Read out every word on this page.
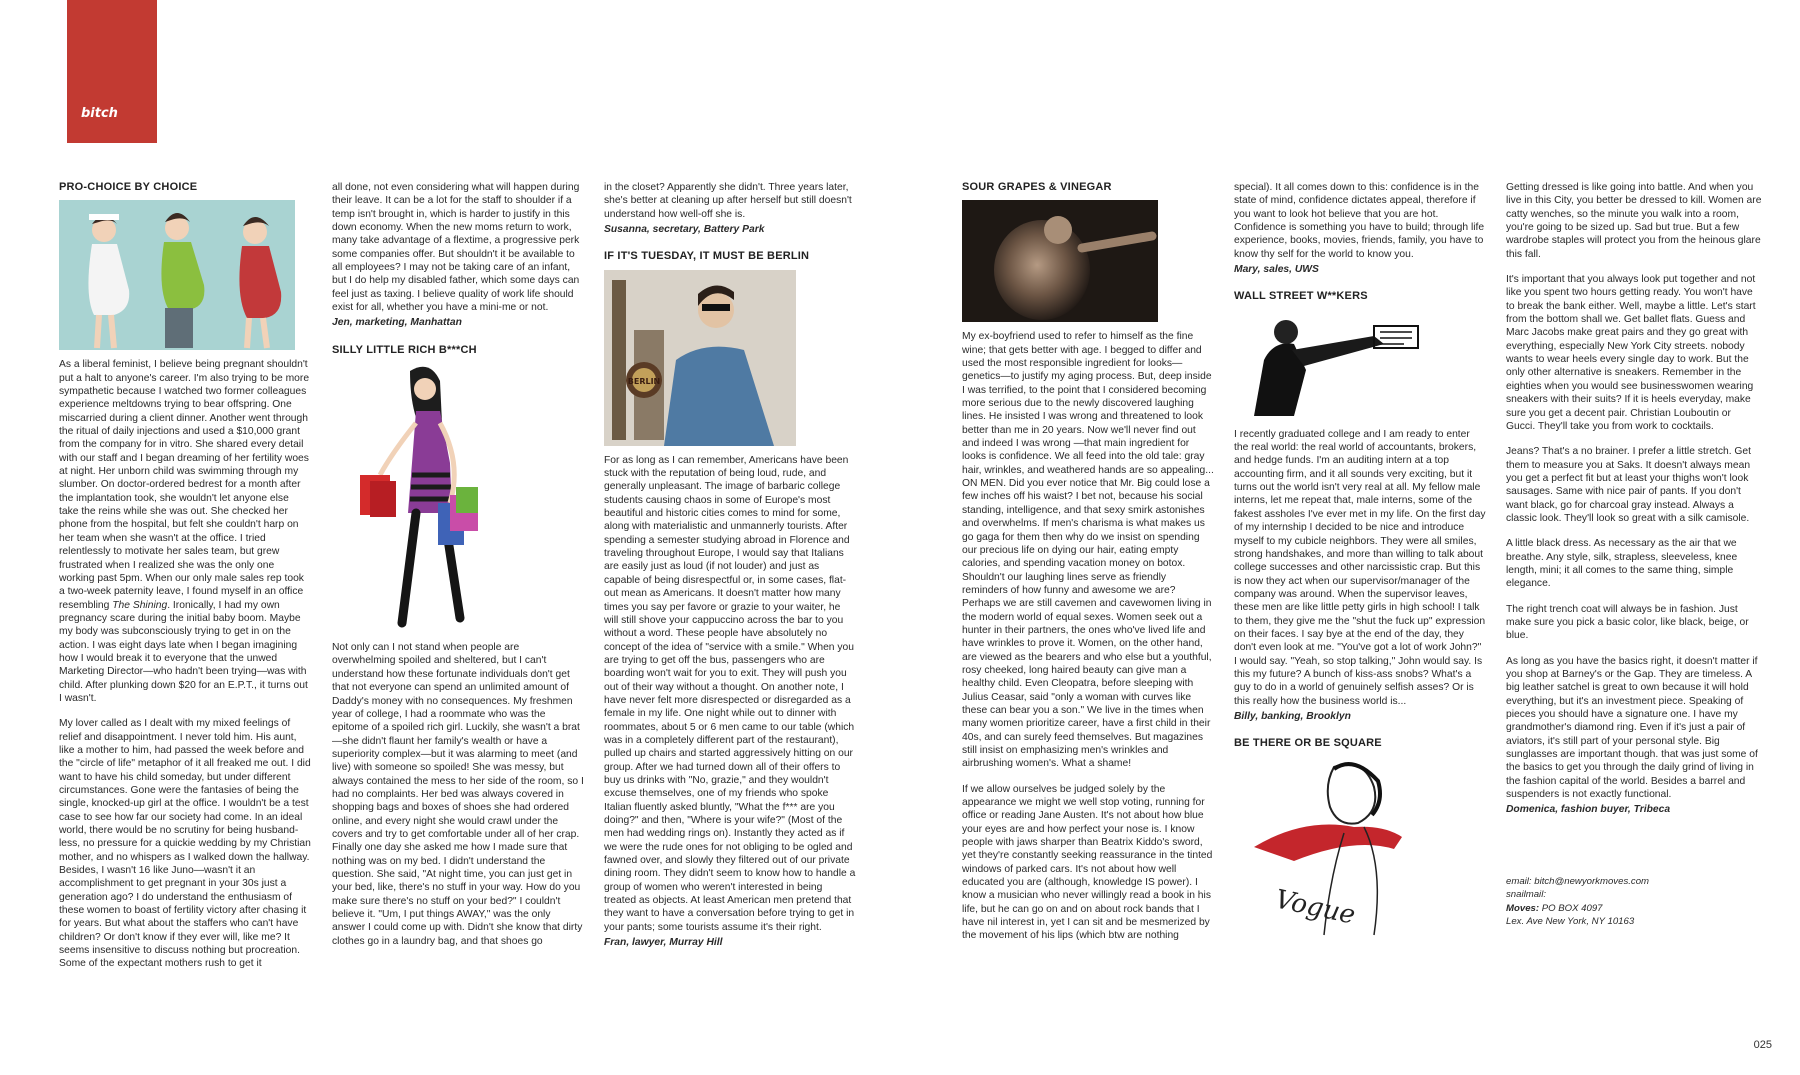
bitch
PRO-CHOICE BY CHOICE

As a liberal feminist, I believe being pregnant shouldn't put a halt to anyone's career. I'm also trying to be more sympathetic because I watched two former colleagues experience meltdowns trying to bear offspring. One miscarried during a client dinner. Another went through the ritual of daily injections and used a $10,000 grant from the company for in vitro. She shared every detail with our staff and I began dreaming of her fertility woes at night. Her unborn child was swimming through my slumber. On doctor-ordered bedrest for a month after the implantation took, she wouldn't let anyone else take the reins while she was out. She checked her phone from the hospital, but felt she couldn't harp on her team when she wasn't at the office. I tried relentlessly to motivate her sales team, but grew frustrated when I realized she was the only one working past 5pm. When our only male sales rep took a two-week paternity leave, I found myself in an office resembling The Shining. Ironically, I had my own pregnancy scare during the initial baby boom. Maybe my body was subconsciously trying to get in on the action. I was eight days late when I began imagining how I would break it to everyone that the unwed Marketing Director—who hadn't been trying—was with child. After plunking down $20 for an E.P.T., it turns out I wasn't.

My lover called as I dealt with my mixed feelings of relief and disappointment. I never told him. His aunt, like a mother to him, had passed the week before and the "circle of life" metaphor of it all freaked me out. I did want to have his child someday, but under different circumstances. Gone were the fantasies of being the single, knocked-up girl at the office. I wouldn't be a test case to see how far our society had come. In an ideal world, there would be no scrutiny for being husband-less, no pressure for a quickie wedding by my Christian mother, and no whispers as I walked down the hallway. Besides, I wasn't 16 like Juno—wasn't it an accomplishment to get pregnant in your 30s just a generation ago? I do understand the enthusiasm of these women to boast of fertility victory after chasing it for years. But what about the staffers who can't have children? Or don't know if they ever will, like me? It seems insensitive to discuss nothing but procreation. Some of the expectant mothers rush to get it

all done, not even considering what will happen during their leave. It can be a lot for the staff to shoulder if a temp isn't brought in, which is harder to justify in this down economy. When the new moms return to work, many take advantage of a flextime, a progressive perk some companies offer. But shouldn't it be available to all employees? I may not be taking care of an infant, but I do help my disabled father, which some days can feel just as taxing. I believe quality of work life should exist for all, whether you have a mini-me or not.

Jen, marketing, Manhattan
SILLY LITTLE RICH B***CH

Not only can I not stand when people are overwhelming spoiled and sheltered, but I can't understand how these fortunate individuals don't get that not everyone can spend an unlimited amount of Daddy's money with no consequences. My freshmen year of college, I had a roommate who was the epitome of a spoiled rich girl. Luckily, she wasn't a brat—she didn't flaunt her family's wealth or have a superiority complex—but it was alarming to meet (and live) with someone so spoiled! She was messy, but always contained the mess to her side of the room, so I had no complaints. Her bed was always covered in shopping bags and boxes of shoes she had ordered online, and every night she would crawl under the covers and try to get comfortable under all of her crap. Finally one day she asked me how I made sure that nothing was on my bed. I didn't understand the question. She said, "At night time, you can just get in your bed, like, there's no stuff in your way. How do you make sure there's no stuff on your bed?" I couldn't believe it. "Um, I put things AWAY," was the only answer I could come up with. Didn't she know that dirty clothes go in a laundry bag, and that shoes go

in the closet? Apparently she didn't. Three years later, she's better at cleaning up after herself but still doesn't understand how well-off she is.

Susanna, secretary, Battery Park
IF IT'S TUESDAY, IT MUST BE BERLIN
BERLIN

For as long as I can remember, Americans have been stuck with the reputation of being loud, rude, and generally unpleasant. The image of barbaric college students causing chaos in some of Europe's most beautiful and historic cities comes to mind for some, along with materialistic and unmannerly tourists. After spending a semester studying abroad in Florence and traveling throughout Europe, I would say that Italians are easily just as loud (if not louder) and just as capable of being disrespectful or, in some cases, flat-out mean as Americans. It doesn't matter how many times you say per favore or grazie to your waiter, he will still shove your cappuccino across the bar to you without a word. These people have absolutely no concept of the idea of "service with a smile." When you are trying to get off the bus, passengers who are boarding won't wait for you to exit. They will push you out of their way without a thought. On another note, I have never felt more disrespected or disregarded as a female in my life. One night while out to dinner with roommates, about 5 or 6 men came to our table (which was in a completely different part of the restaurant), pulled up chairs and started aggressively hitting on our group. After we had turned down all of their offers to buy us drinks with "No, grazie," and they wouldn't excuse themselves, one of my friends who spoke Italian fluently asked bluntly, "What the f*** are you doing?" and then, "Where is your wife?" (Most of the men had wedding rings on). Instantly they acted as if we were the rude ones for not obliging to be ogled and fawned over, and slowly they filtered out of our private dining room. They didn't seem to know how to handle a group of women who weren't interested in being treated as objects. At least American men pretend that they want to have a conversation before trying to get in your pants; some tourists assume it's their right.

Fran, lawyer, Murray Hill
SOUR GRAPES & VINEGAR

My ex-boyfriend used to refer to himself as the fine wine; that gets better with age. I begged to differ and used the most responsible ingredient for looks—genetics—to justify my aging process. But, deep inside I was terrified, to the point that I considered becoming more serious due to the newly discovered laughing lines. He insisted I was wrong and threatened to look better than me in 20 years. Now we'll never find out and indeed I was wrong —that main ingredient for looks is confidence. We all feed into the old tale: gray hair, wrinkles, and weathered hands are so appealing... ON MEN. Did you ever notice that Mr. Big could lose a few inches off his waist? I bet not, because his social standing, intelligence, and that sexy smirk astonishes and overwhelms. If men's charisma is what makes us go gaga for them then why do we insist on spending our precious life on dying our hair, eating empty calories, and spending vacation money on botox. Shouldn't our laughing lines serve as friendly reminders of how funny and awesome we are? Perhaps we are still cavemen and cavewomen living in the modern world of equal sexes. Women seek out a hunter in their partners, the ones who've lived life and have wrinkles to prove it. Women, on the other hand, are viewed as the bearers and who else but a youthful, rosy cheeked, long haired beauty can give man a healthy child. Even Cleopatra, before sleeping with Julius Ceasar, said "only a woman with curves like these can bear you a son." We live in the times when many women prioritize career, have a first child in their 40s, and can surely feed themselves. But magazines still insist on emphasizing men's wrinkles and airbrushing women's. What a shame!

If we allow ourselves be judged solely by the appearance we might we well stop voting, running for office or reading Jane Austen. It's not about how blue your eyes are and how perfect your nose is. I know people with jaws sharper than Beatrix Kiddo's sword, yet they're constantly seeking reassurance in the tinted windows of parked cars. It's not about how well educated you are (although, knowledge IS power). I know a musician who never willingly read a book in his life, but he can go on and on about rock bands that I have nil interest in, yet I can sit and be mesmerized by the movement of his lips (which btw are nothing

special). It all comes down to this: confidence is in the state of mind, confidence dictates appeal, therefore if you want to look hot believe that you are hot. Confidence is something you have to build; through life experience, books, movies, friends, family, you have to know thy self for the world to know you.

Mary, sales, UWS
WALL STREET W**KERS

I recently graduated college and I am ready to enter the real world: the real world of accountants, brokers, and hedge funds. I'm an auditing intern at a top accounting firm, and it all sounds very exciting, but it turns out the world isn't very real at all. My fellow male interns, let me repeat that, male interns, some of the fakest assholes I've ever met in my life. On the first day of my internship I decided to be nice and introduce myself to my cubicle neighbors. They were all smiles, strong handshakes, and more than willing to talk about college successes and other narcissistic crap. But this is now they act when our supervisor/manager of the company was around. When the supervisor leaves, these men are like little petty girls in high school! I talk to them, they give me the "shut the fuck up" expression on their faces. I say bye at the end of the day, they don't even look at me. "You've got a lot of work John?" I would say. "Yeah, so stop talking," John would say. Is this my future? A bunch of kiss-ass snobs? What's a guy to do in a world of genuinely selfish asses? Or is this really how the business world is...

Billy, banking, Brooklyn
BE THERE OR BE SQUARE
Vogue

Getting dressed is like going into battle. And when you live in this City, you better be dressed to kill. Women are catty wenches, so the minute you walk into a room, you're going to be sized up. Sad but true. But a few wardrobe staples will protect you from the heinous glare this fall.

It's important that you always look put together and not like you spent two hours getting ready. You won't have to break the bank either. Well, maybe a little. Let's start from the bottom shall we. Get ballet flats. Guess and Marc Jacobs make great pairs and they go great with everything, especially New York City streets. nobody wants to wear heels every single day to work. But the only other alternative is sneakers. Remember in the eighties when you would see businesswomen wearing sneakers with their suits? If it is heels everyday, make sure you get a decent pair. Christian Louboutin or Gucci. They'll take you from work to cocktails.

Jeans? That's a no brainer. I prefer a little stretch. Get them to measure you at Saks. It doesn't always mean you get a perfect fit but at least your thighs won't look sausages. Same with nice pair of pants. If you don't want black, go for charcoal gray instead. Always a classic look. They'll look so great with a silk camisole.

A little black dress. As necessary as the air that we breathe. Any style, silk, strapless, sleeveless, knee length, mini; it all comes to the same thing, simple elegance.

The right trench coat will always be in fashion. Just make sure you pick a basic color, like black, beige, or blue.

As long as you have the basics right, it doesn't matter if you shop at Barney's or the Gap. They are timeless. A big leather satchel is great to own because it will hold everything, but it's an investment piece. Speaking of pieces you should have a signature one. I have my grandmother's diamond ring. Even if it's just a pair of aviators, it's still part of your personal style. Big sunglasses are important though. that was just some of the basics to get you through the daily grind of living in the fashion capital of the world. Besides a barrel and suspenders is not exactly functional.

Domenica, fashion buyer, Tribeca
email: bitch@newyorkmoves.com
snailmail:
Moves: PO BOX 4097
Lex. Ave New York, NY 10163
025
